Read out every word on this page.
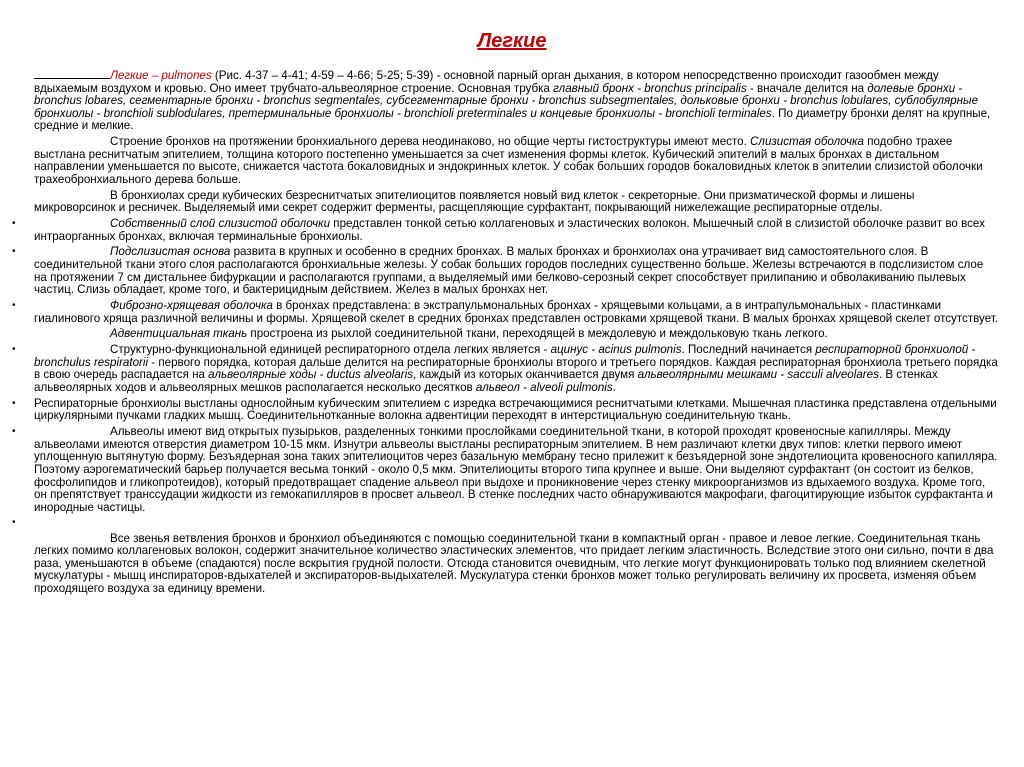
Легкие

Легкие – pulmones (Рис. 4-37 – 4-41; 4-59 – 4-66; 5-25; 5-39) - основной парный орган дыхания, в котором непосредственно происходит газообмен между вдыхаемым воздухом и кровью. Оно имеет трубчато-альвеолярное строение. Основная трубка главный бронх - bronchus principalis - вначале делится на долевые бронхи - bronchus lobares, сегментарные бронхи - bronchus segmentales, субсегментарные бронхи - bronchus subsegmentales, дольковые бронхи - bronchus lobulares, сублобулярные бронхиолы - bronchioli sublodulares, претерминальные бронхиолы - bronchioli preterminales и концевые бронхиолы - bronchioli terminales. По диаметру бронхи делят на крупные, средние и мелкие.

Строение бронхов на протяжении бронхиального дерева неодинаково, но общие черты гистоструктуры имеют место. Слизистая оболочка подобно трахее выстлана реснитчатым эпителием, толщина которого постепенно уменьшается за счет изменения формы клеток. Кубический эпителий в малых бронхах в дистальном направлении уменьшается по высоте, снижается частота бокаловидных и эндокринных клеток. У собак больших городов бокаловидных клеток в эпителии слизистой оболочки трахеобронхиального дерева больше.

В бронхиолах среди кубических безреснитчатых эпителиоцитов появляется новый вид клеток - секреторные. Они призматической формы и лишены микроворсинок и ресничек. Выделяемый ими секрет содержит ферменты, расщепляющие сурфактант, покрывающий нижележащие респираторные отделы.

• Собственный слой слизистой оболочки представлен тонкой сетью коллагеновых и эластических волокон. Мышечный слой в слизистой оболочке развит во всех интраорганных бронхах, включая терминальные бронхиолы.

• Подслизистая основа развита в крупных и особенно в средних бронхах. В малых бронхах и бронхиолах она утрачивает вид самостоятельного слоя. В соединительной ткани этого слоя располагаются бронхиальные железы. У собак больших городов последних существенно больше. Железы встречаются в подслизистом слое на протяжении 7 см дистальнее бифуркации и располагаются группами, а выделяемый ими белково-серозный секрет способствует прилипанию и обволакиванию пылевых частиц. Слизь обладает, кроме того, и бактерицидным действием. Желез в малых бронхах нет.

• Фиброзно-хрящевая оболочка в бронхах представлена: в экстрапульмональных бронхах - хрящевыми кольцами, а в интрапульмональных - пластинками гиалинового хряща различной величины и формы. Хрящевой скелет в средних бронхах представлен островками хрящевой ткани. В малых бронхах хрящевой скелет отсутствует.

Адвентициальная ткань простроена из рыхлой соединительной ткани, переходящей в междолевую и междольковую ткань легкого.

• Структурно-функциональной единицей респираторного отдела легких является - ацинус - acinus pulmonis. Последний начинается респираторной бронхиолой - bronchulus respiratorii - первого порядка, которая дальше делится на респираторные бронхиолы второго и третьего порядков. Каждая респираторная бронхиола третьего порядка в свою очередь распадается на альвеолярные ходы - ductus alveolaris, каждый из которых оканчивается двумя альвеолярными мешками - sacculi alveolares. В стенках альвеолярных ходов и альвеолярных мешков располагается несколько десятков альвеол - alveoli pulmonis.

• Респираторные бронхиолы выстланы однослойным кубическим эпителием с изредка встречающимися реснитчатыми клетками. Мышечная пластинка представлена отдельными циркулярными пучками гладких мышц. Соединительнотканные волокна адвентиции переходят в интерстициальную соединительную ткань.

• Альвеолы имеют вид открытых пузырьков, разделенных тонкими прослойками соединительной ткани, в которой проходят кровеносные капилляры. Между альвеолами имеются отверстия диаметром 10-15 мкм. Изнутри альвеолы выстланы респираторным эпителием. В нем различают клетки двух типов: клетки первого имеют уплощенную вытянутую форму. Безъядерная зона таких эпителиоцитов через базальную мембрану тесно прилежит к безъядерной зоне эндотелиоцита кровеносного капилляра. Поэтому аэрогематический барьер получается весьма тонкий - около 0,5 мкм. Эпителиоциты второго типа крупнее и выше. Они выделяют сурфактант (он состоит из белков, фосфолипидов и гликопротеидов), который предотвращает спадение альвеол при выдохе и проникновение через стенку микроорганизмов из вдыхаемого воздуха. Кроме того, он препятствует транссудации жидкости из гемокапилляров в просвет альвеол. В стенке последних часто обнаруживаются макрофаги, фагоцитирующие избыток сурфактанта и инородные частицы.

•

Все звенья ветвления бронхов и бронхиол объединяются с помощью соединительной ткани в компактный орган - правое и левое легкие. Соединительная ткань легких помимо коллагеновых волокон, содержит значительное количество эластических элементов, что придает легким эластичность. Вследствие этого они сильно, почти в два раза, уменьшаются в объеме (спадаются) после вскрытия грудной полости. Отсюда становится очевидным, что легкие могут функционировать только под влиянием скелетной мускулатуры - мышц инспираторов-вдыхателей и экспираторов-выдыхателей. Мускулатура стенки бронхов может только регулировать величину их просвета, изменяя объем проходящего воздуха за единицу времени.
